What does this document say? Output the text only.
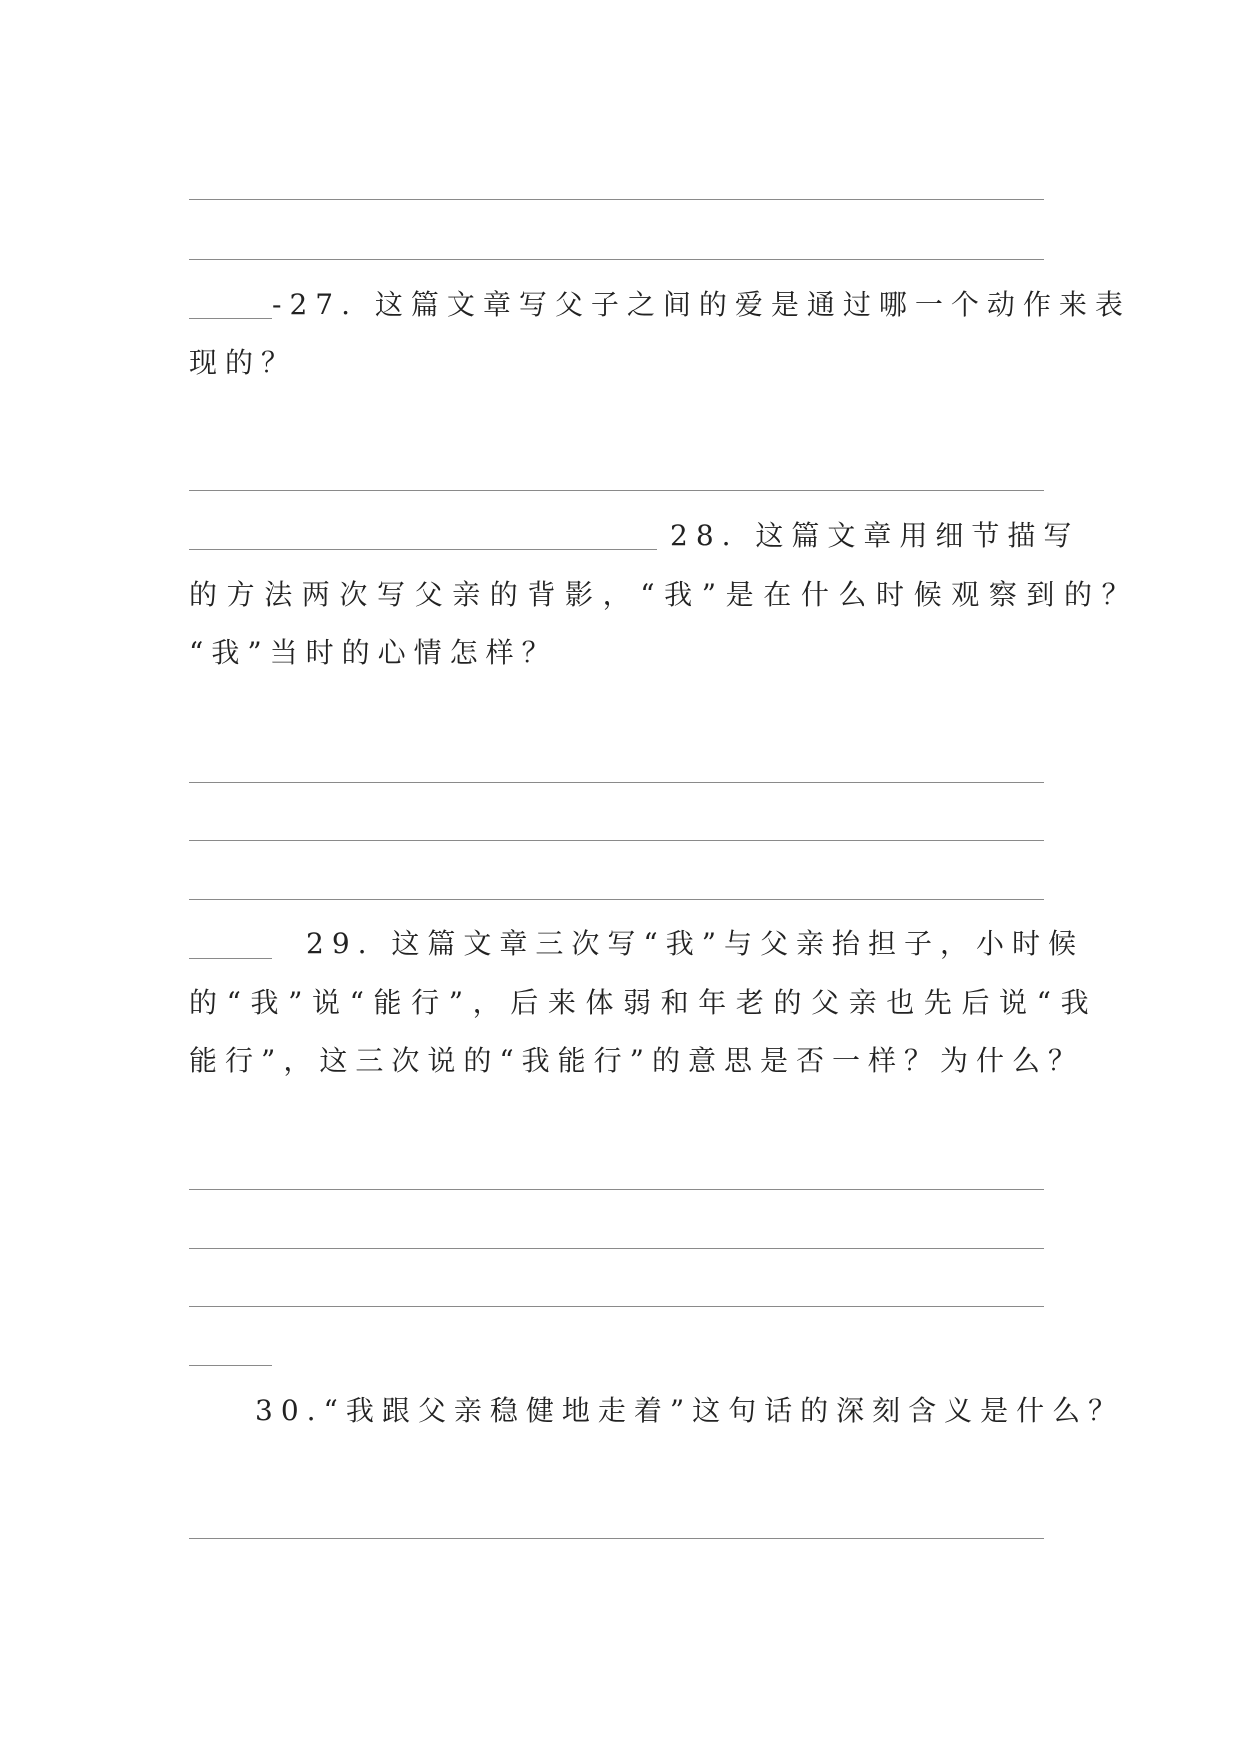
-27. 这篇文章写父子之间的爱是通过哪一个动作来表
现的？
28. 这篇文章用细节描写
的方法两次写父亲的背影，“我”是在什么时候观察到的？
“我”当时的心情怎样？
29. 这篇文章三次写“我”与父亲抬担子，小时候
的“我”说“能行”，后来体弱和年老的父亲也先后说“我
能行”，这三次说的“我能行”的意思是否一样？为什么？
30.“我跟父亲稳健地走着”这句话的深刻含义是什么？
